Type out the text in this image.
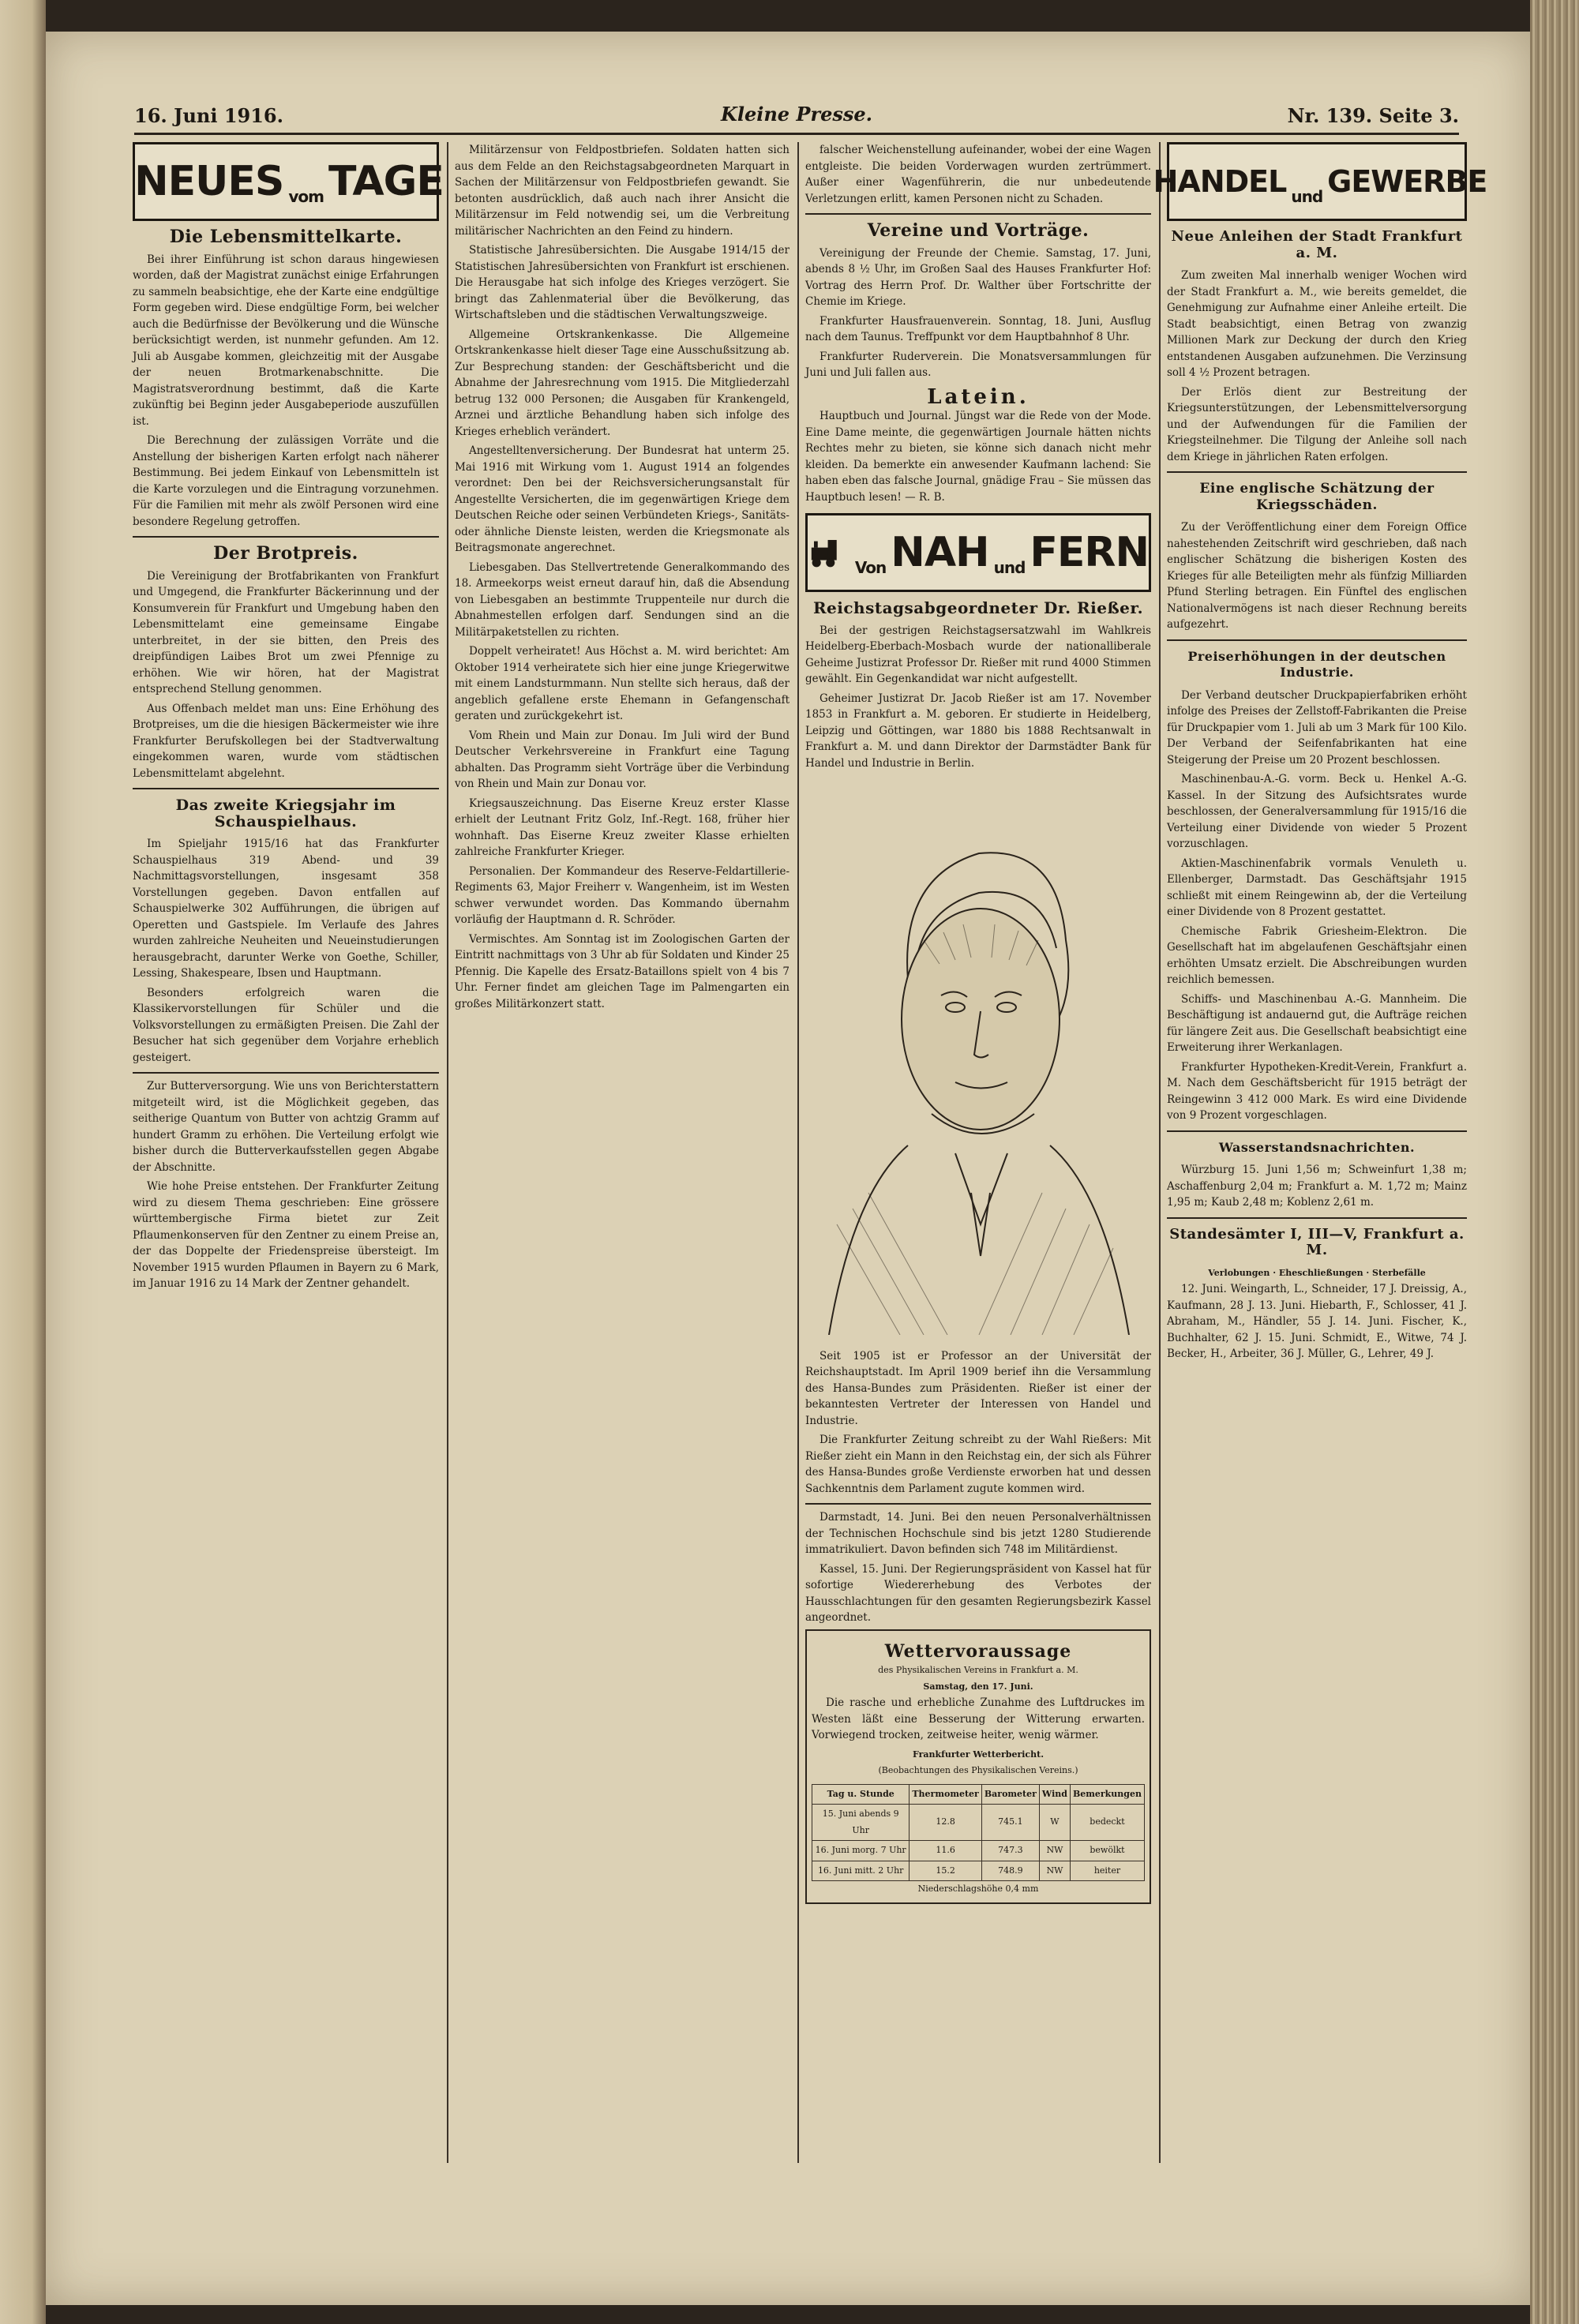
16. Juni 1916.	Kleine Presse.	Nr. 139. Seite 3.
NEUES vom TAGE
Die Lebensmittelkarte.

Bei ihrer Einführung ist schon daraus hingewiesen worden, daß der Magistrat zunächst einige Erfahrungen zu sammeln beabsichtige, ehe der Karte eine endgültige Form gegeben wird. Diese endgültige Form, bei welcher auch die Bedürfnisse der Bevölkerung und die Wünsche berücksichtigt werden, ist nunmehr gefunden. Am 12. Juli ab Ausgabe kommen, gleichzeitig mit der Ausgabe der neuen Brotmarkenabschnitte. Die Magistratsverordnung bestimmt, daß die Karte zukünftig bei Beginn jeder Ausgabeperiode auszufüllen ist.

Die Berechnung der zulässigen Vorräte und die Anstellung der bisherigen Karten erfolgt nach näherer Bestimmung. Bei jedem Einkauf von Lebensmitteln ist die Karte vorzulegen und die Eintragung vorzunehmen. Für die Familien mit mehr als zwölf Personen wird eine besondere Regelung getroffen.

Der Brotpreis.

Die Vereinigung der Brotfabrikanten von Frankfurt und Umgegend, die Frankfurter Bäckerinnung und der Konsumverein für Frankfurt und Umgebung haben den Lebensmittelamt eine gemeinsame Eingabe unterbreitet, in der sie bitten, den Preis des dreipfündigen Laibes Brot um zwei Pfennige zu erhöhen. Wie wir hören, hat der Magistrat entsprechend Stellung genommen.

Aus Offenbach meldet man uns: Eine Erhöhung des Brotpreises, um die die hiesigen Bäckermeister wie ihre Frankfurter Berufskollegen bei der Stadtverwaltung eingekommen waren, wurde vom städtischen Lebensmittelamt abgelehnt.

Das zweite Kriegsjahr im Schauspielhaus.

Im Spieljahr 1915/16 hat das Frankfurter Schauspielhaus 319 Abend- und 39 Nachmittagsvorstellungen, insgesamt 358 Vorstellungen gegeben. Davon entfallen auf Schauspielwerke 302 Aufführungen, die übrigen auf Operetten und Gastspiele. Im Verlaufe des Jahres wurden zahlreiche Neuheiten und Neueinstudierungen herausgebracht, darunter Werke von Goethe, Schiller, Lessing, Shakespeare, Ibsen und Hauptmann.

Besonders erfolgreich waren die Klassikervorstellungen für Schüler und die Volksvorstellungen zu ermäßigten Preisen. Die Zahl der Besucher hat sich gegenüber dem Vorjahre erheblich gesteigert.

Zur Butterversorgung. Wie uns von Berichterstattern mitgeteilt wird, ist die Möglichkeit gegeben, das seitherige Quantum von Butter von achtzig Gramm auf hundert Gramm zu erhöhen. Die Verteilung erfolgt wie bisher durch die Butterverkaufsstellen gegen Abgabe der Abschnitte.

Wie hohe Preise entstehen. Der Frankfurter Zeitung wird zu diesem Thema geschrieben: Eine grössere württembergische Firma bietet zur Zeit Pflaumenkonserven für den Zentner zu einem Preise an, der das Doppelte der Friedenspreise übersteigt. Im November 1915 wurden Pflaumen in Bayern zu 6 Mark, im Januar 1916 zu 14 Mark der Zentner gehandelt.

Militärzensur von Feldpostbriefen. Soldaten hatten sich aus dem Felde an den Reichstagsabgeordneten Marquart in Sachen der Militärzensur von Feldpostbriefen gewandt. Sie betonten ausdrücklich, daß auch nach ihrer Ansicht die Militärzensur im Feld notwendig sei, um die Verbreitung militärischer Nachrichten an den Feind zu hindern.

Statistische Jahresübersichten. Die Ausgabe 1914/15 der Statistischen Jahresübersichten von Frankfurt ist erschienen. Die Herausgabe hat sich infolge des Krieges verzögert. Sie bringt das Zahlenmaterial über die Bevölkerung, das Wirtschaftsleben und die städtischen Verwaltungszweige.

Allgemeine Ortskrankenkasse. Die Allgemeine Ortskrankenkasse hielt dieser Tage eine Ausschußsitzung ab. Zur Besprechung standen: der Geschäftsbericht und die Abnahme der Jahresrechnung vom 1915. Die Mitgliederzahl betrug 132 000 Personen; die Ausgaben für Krankengeld, Arznei und ärztliche Behandlung haben sich infolge des Krieges erheblich verändert.

Angestelltenversicherung. Der Bundesrat hat unterm 25. Mai 1916 mit Wirkung vom 1. August 1914 an folgendes verordnet: Den bei der Reichsversicherungsanstalt für Angestellte Versicherten, die im gegenwärtigen Kriege dem Deutschen Reiche oder seinen Verbündeten Kriegs-, Sanitäts- oder ähnliche Dienste leisten, werden die Kriegsmonate als Beitragsmonate angerechnet.

Liebesgaben. Das Stellvertretende Generalkommando des 18. Armeekorps weist erneut darauf hin, daß die Absendung von Liebesgaben an bestimmte Truppenteile nur durch die Abnahmestellen erfolgen darf. Sendungen sind an die Militärpaketstellen zu richten.

Doppelt verheiratet! Aus Höchst a. M. wird berichtet: Am Oktober 1914 verheiratete sich hier eine junge Kriegerwitwe mit einem Landsturmmann. Nun stellte sich heraus, daß der angeblich gefallene erste Ehemann in Gefangenschaft geraten und zurückgekehrt ist.

Vom Rhein und Main zur Donau. Im Juli wird der Bund Deutscher Verkehrsvereine in Frankfurt eine Tagung abhalten. Das Programm sieht Vorträge über die Verbindung von Rhein und Main zur Donau vor.

Kriegsauszeichnung. Das Eiserne Kreuz erster Klasse erhielt der Leutnant Fritz Golz, Inf.-Regt. 168, früher hier wohnhaft. Das Eiserne Kreuz zweiter Klasse erhielten zahlreiche Frankfurter Krieger.

Personalien. Der Kommandeur des Reserve-Feldartillerie-Regiments 63, Major Freiherr v. Wangenheim, ist im Westen schwer verwundet worden. Das Kommando übernahm vorläufig der Hauptmann d. R. Schröder.

Vermischtes. Am Sonntag ist im Zoologischen Garten der Eintritt nachmittags von 3 Uhr ab für Soldaten und Kinder 25 Pfennig. Die Kapelle des Ersatz-Bataillons spielt von 4 bis 7 Uhr. Ferner findet am gleichen Tage im Palmengarten ein großes Militärkonzert statt.

falscher Weichenstellung aufeinander, wobei der eine Wagen entgleiste. Die beiden Vorderwagen wurden zertrümmert. Außer einer Wagenführerin, die nur unbedeutende Verletzungen erlitt, kamen Personen nicht zu Schaden.

Vereine und Vorträge.

Vereinigung der Freunde der Chemie. Samstag, 17. Juni, abends 8 ½ Uhr, im Großen Saal des Hauses Frankfurter Hof: Vortrag des Herrn Prof. Dr. Walther über Fortschritte der Chemie im Kriege.

Frankfurter Hausfrauenverein. Sonntag, 18. Juni, Ausflug nach dem Taunus. Treffpunkt vor dem Hauptbahnhof 8 Uhr.

Frankfurter Ruderverein. Die Monatsversammlungen für Juni und Juli fallen aus.

Latein.

Hauptbuch und Journal. Jüngst war die Rede von der Mode. Eine Dame meinte, die gegenwärtigen Journale hätten nichts Rechtes mehr zu bieten, sie könne sich danach nicht mehr kleiden. Da bemerkte ein anwesender Kaufmann lachend: Sie haben eben das falsche Journal, gnädige Frau – Sie müssen das Hauptbuch lesen! — R. B.

Von NAH und FERN
Reichstagsabgeordneter Dr. Rießer.

Bei der gestrigen Reichstagsersatzwahl im Wahlkreis Heidelberg-Eberbach-Mosbach wurde der nationalliberale Geheime Justizrat Professor Dr. Rießer mit rund 4000 Stimmen gewählt. Ein Gegenkandidat war nicht aufgestellt.

Geheimer Justizrat Dr. Jacob Rießer ist am 17. November 1853 in Frankfurt a. M. geboren. Er studierte in Heidelberg, Leipzig und Göttingen, war 1880 bis 1888 Rechtsanwalt in Frankfurt a. M. und dann Direktor der Darmstädter Bank für Handel und Industrie in Berlin.

Seit 1905 ist er Professor an der Universität der Reichshauptstadt. Im April 1909 berief ihn die Versammlung des Hansa-Bundes zum Präsidenten. Rießer ist einer der bekanntesten Vertreter der Interessen von Handel und Industrie.

Die Frankfurter Zeitung schreibt zu der Wahl Rießers: Mit Rießer zieht ein Mann in den Reichstag ein, der sich als Führer des Hansa-Bundes große Verdienste erworben hat und dessen Sachkenntnis dem Parlament zugute kommen wird.

Darmstadt, 14. Juni. Bei den neuen Personalverhältnissen der Technischen Hochschule sind bis jetzt 1280 Studierende immatrikuliert. Davon befinden sich 748 im Militärdienst.

Kassel, 15. Juni. Der Regierungspräsident von Kassel hat für sofortige Wiedererhebung des Verbotes der Hausschlachtungen für den gesamten Regierungsbezirk Kassel angeordnet.

Wettervoraussage
des Physikalischen Vereins in Frankfurt a. M.
Samstag, den 17. Juni.

Die rasche und erhebliche Zunahme des Luftdruckes im Westen läßt eine Besserung der Witterung erwarten. Vorwiegend trocken, zeitweise heiter, wenig wärmer.

Frankfurter Wetterbericht.
(Beobachtungen des Physikalischen Vereins.)
Tag u. Stunde	Thermometer	Barometer	Wind	Bemerkungen
15. Juni abends 9 Uhr	12.8	745.1	W	bedeckt
16. Juni morg. 7 Uhr	11.6	747.3	NW	bewölkt
16. Juni mitt. 2 Uhr	15.2	748.9	NW	heiter
Niederschlagshöhe 0,4 mm
HANDEL und GEWERBE
Neue Anleihen der Stadt Frankfurt a. M.

Zum zweiten Mal innerhalb weniger Wochen wird der Stadt Frankfurt a. M., wie bereits gemeldet, die Genehmigung zur Aufnahme einer Anleihe erteilt. Die Stadt beabsichtigt, einen Betrag von zwanzig Millionen Mark zur Deckung der durch den Krieg entstandenen Ausgaben aufzunehmen. Die Verzinsung soll 4 ½ Prozent betragen.

Der Erlös dient zur Bestreitung der Kriegsunterstützungen, der Lebensmittelversorgung und der Aufwendungen für die Familien der Kriegsteilnehmer. Die Tilgung der Anleihe soll nach dem Kriege in jährlichen Raten erfolgen.

Eine englische Schätzung der Kriegsschäden.

Zu der Veröffentlichung einer dem Foreign Office nahestehenden Zeitschrift wird geschrieben, daß nach englischer Schätzung die bisherigen Kosten des Krieges für alle Beteiligten mehr als fünfzig Milliarden Pfund Sterling betragen. Ein Fünftel des englischen Nationalvermögens ist nach dieser Rechnung bereits aufgezehrt.

Preiserhöhungen in der deutschen Industrie.

Der Verband deutscher Druckpapierfabriken erhöht infolge des Preises der Zellstoff-Fabrikanten die Preise für Druckpapier vom 1. Juli ab um 3 Mark für 100 Kilo. Der Verband der Seifenfabrikanten hat eine Steigerung der Preise um 20 Prozent beschlossen.

Maschinenbau-A.-G. vorm. Beck u. Henkel A.-G. Kassel. In der Sitzung des Aufsichtsrates wurde beschlossen, der Generalversammlung für 1915/16 die Verteilung einer Dividende von wieder 5 Prozent vorzuschlagen.

Aktien-Maschinenfabrik vormals Venuleth u. Ellenberger, Darmstadt. Das Geschäftsjahr 1915 schließt mit einem Reingewinn ab, der die Verteilung einer Dividende von 8 Prozent gestattet.

Chemische Fabrik Griesheim-Elektron. Die Gesellschaft hat im abgelaufenen Geschäftsjahr einen erhöhten Umsatz erzielt. Die Abschreibungen wurden reichlich bemessen.

Schiffs- und Maschinenbau A.-G. Mannheim. Die Beschäftigung ist andauernd gut, die Aufträge reichen für längere Zeit aus. Die Gesellschaft beabsichtigt eine Erweiterung ihrer Werkanlagen.

Frankfurter Hypotheken-Kredit-Verein, Frankfurt a. M. Nach dem Geschäftsbericht für 1915 beträgt der Reingewinn 3 412 000 Mark. Es wird eine Dividende von 9 Prozent vorgeschlagen.

Wasserstandsnachrichten.

Würzburg 15. Juni 1,56 m; Schweinfurt 1,38 m; Aschaffenburg 2,04 m; Frankfurt a. M. 1,72 m; Mainz 1,95 m; Kaub 2,48 m; Koblenz 2,61 m.

Standesämter I, III—V, Frankfurt a. M.
Verlobungen · Eheschließungen · Sterbefälle

12. Juni. Weingarth, L., Schneider, 17 J. Dreissig, A., Kaufmann, 28 J. 13. Juni. Hiebarth, F., Schlosser, 41 J. Abraham, M., Händler, 55 J. 14. Juni. Fischer, K., Buchhalter, 62 J. 15. Juni. Schmidt, E., Witwe, 74 J. Becker, H., Arbeiter, 36 J. Müller, G., Lehrer, 49 J.
